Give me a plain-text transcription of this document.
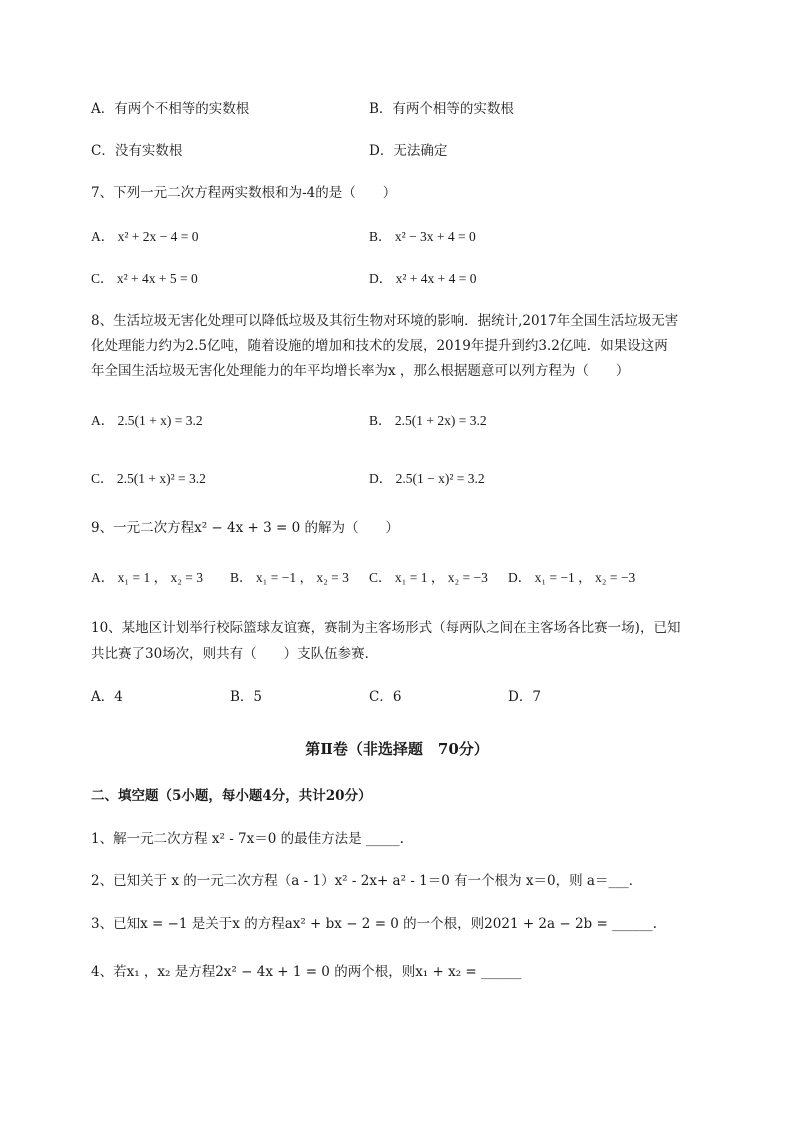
A．有两个不相等的实数根	B．有两个相等的实数根
C．没有实数根	D．无法确定
7、下列一元二次方程两实数根和为-4的是（　　）
A． x² + 2x − 4 = 0	B． x² − 3x + 4 = 0
C． x² + 4x + 5 = 0	D． x² + 4x + 4 = 0
8、生活垃圾无害化处理可以降低垃圾及其衍生物对环境的影响．据统计,2017年全国生活垃圾无害
化处理能力约为2.5亿吨，随着设施的增加和技术的发展，2019年提升到约3.2亿吨．如果设这两
年全国生活垃圾无害化处理能力的年平均增长率为x ，那么根据题意可以列方程为（　　）
A． 2.5(1 + x) = 3.2	B． 2.5(1 + 2x) = 3.2
C． 2.5(1 + x)² = 3.2	D． 2.5(1 − x)² = 3.2
9、一元二次方程x² − 4x + 3 = 0 的解为（　　）
A． x₁ = 1 ， x₂ = 3 B． x₁ = −1 ， x₂ = 3 C． x₁ = 1 ， x₂ = −3 D． x₁ = −1 ， x₂ = −3
10、某地区计划举行校际篮球友谊赛，赛制为主客场形式（每两队之间在主客场各比赛一场)，已知
共比赛了30场次，则共有（　　）支队伍参赛．
A．4	B．5	C．6	D．7
第Ⅱ卷（非选择题　70分）
二、填空题（5小题，每小题4分，共计20分）
1、解一元二次方程 x² - 7x＝0 的最佳方法是 _____.
2、已知关于 x 的一元二次方程（a - 1）x² - 2x+ a² - 1＝0 有一个根为 x＝0，则 a＝___．
3、已知x = −1 是关于x 的方程ax² + bx − 2 = 0 的一个根，则2021 + 2a − 2b = ______.
4、若x₁ ，x₂ 是方程2x² − 4x + 1 = 0 的两个根，则x₁ + x₂ = ______
